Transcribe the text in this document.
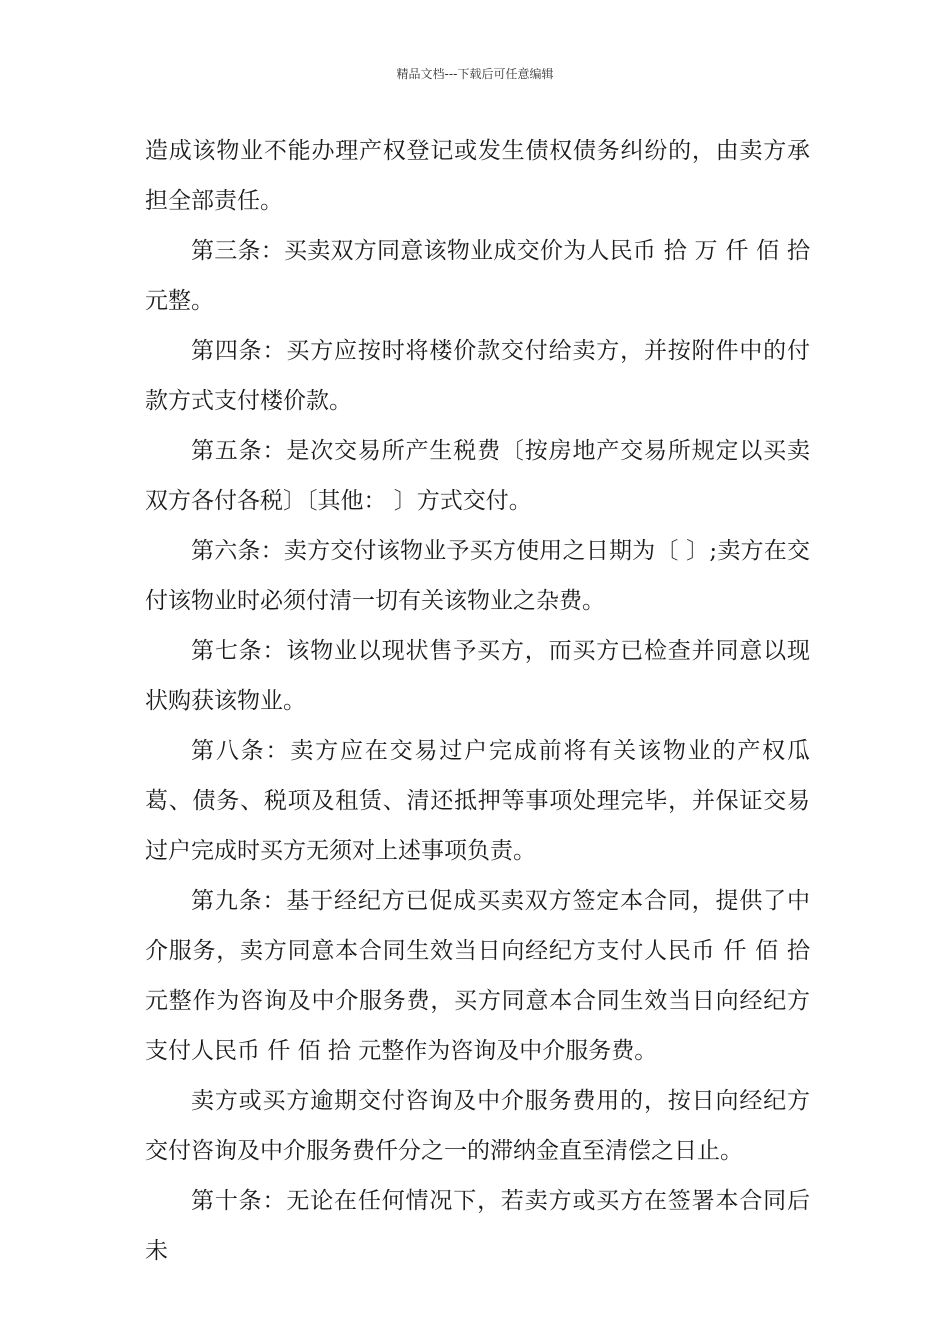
精品文档---下载后可任意编辑

造成该物业不能办理产权登记或发生债权债务纠纷的，由卖方承担全部责任。

第三条：买卖双方同意该物业成交价为人民币 拾 万 仟 佰 拾 元整。

第四条：买方应按时将楼价款交付给卖方，并按附件中的付款方式支付楼价款。

第五条：是次交易所产生税费〔按房地产交易所规定以买卖双方各付各税〕〔其他： 〕方式交付。

第六条：卖方交付该物业予买方使用之日期为〔 〕;卖方在交付该物业时必须付清一切有关该物业之杂费。

第七条：该物业以现状售予买方，而买方已检查并同意以现状购获该物业。

第八条：卖方应在交易过户完成前将有关该物业的产权瓜葛、债务、税项及租赁、清还抵押等事项处理完毕，并保证交易过户完成时买方无须对上述事项负责。

第九条：基于经纪方已促成买卖双方签定本合同，提供了中介服务，卖方同意本合同生效当日向经纪方支付人民币 仟 佰 拾 元整作为咨询及中介服务费，买方同意本合同生效当日向经纪方支付人民币 仟 佰 拾 元整作为咨询及中介服务费。

卖方或买方逾期交付咨询及中介服务费用的，按日向经纪方交付咨询及中介服务费仟分之一的滞纳金直至清偿之日止。

第十条：无论在任何情况下，若卖方或买方在签署本合同后未
